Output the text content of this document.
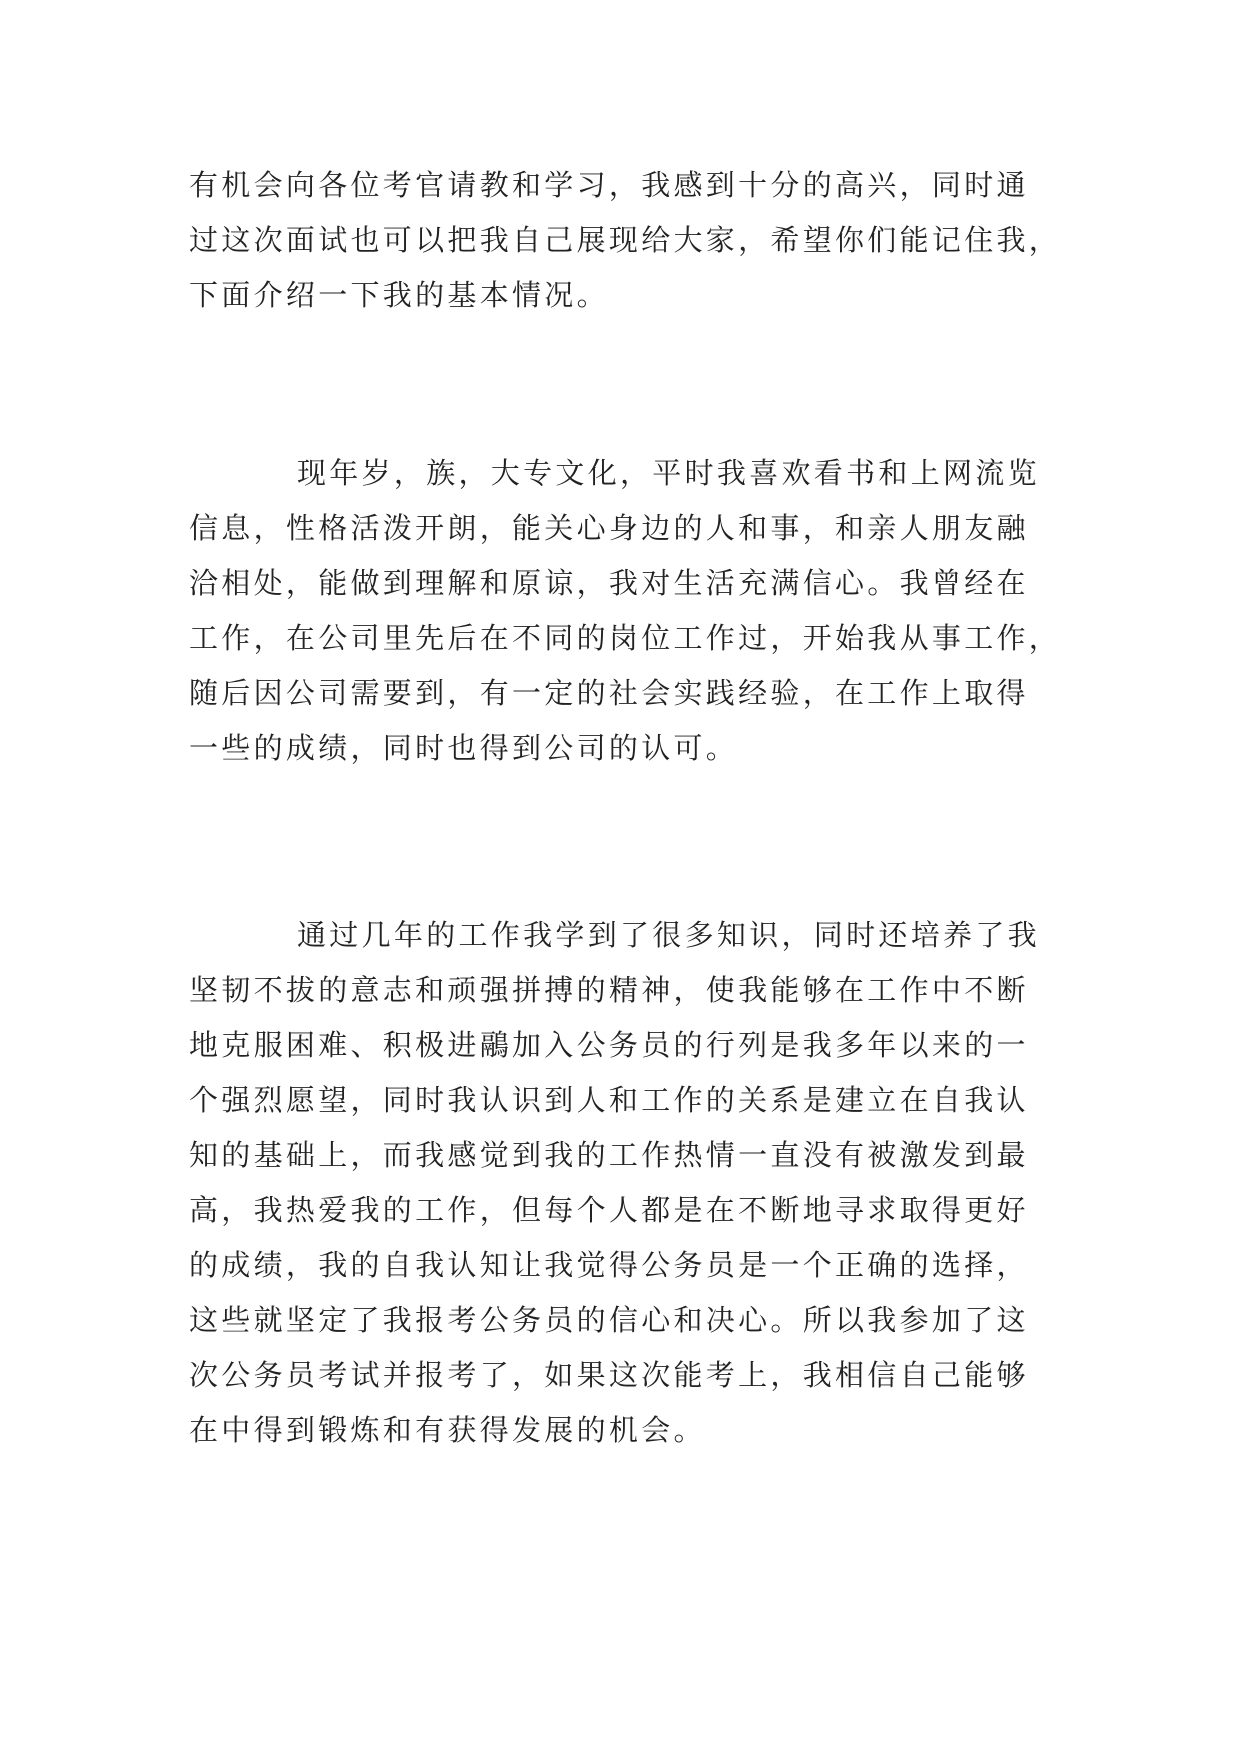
有机会向各位考官请教和学习，我感到十分的高兴，同时通
过这次面试也可以把我自己展现给大家，希望你们能记住我，
下面介绍一下我的基本情况。

现年岁，族，大专文化，平时我喜欢看书和上网流览
信息，性格活泼开朗，能关心身边的人和事，和亲人朋友融
洽相处，能做到理解和原谅，我对生活充满信心。我曾经在
工作，在公司里先后在不同的岗位工作过，开始我从事工作，
随后因公司需要到，有一定的社会实践经验，在工作上取得
一些的成绩，同时也得到公司的认可。

通过几年的工作我学到了很多知识，同时还培养了我
坚韧不拔的意志和顽强拼搏的精神，使我能够在工作中不断
地克服困难、积极进鷊加入公务员的行列是我多年以来的一
个强烈愿望，同时我认识到人和工作的关系是建立在自我认
知的基础上，而我感觉到我的工作热情一直没有被激发到最
高，我热爱我的工作，但每个人都是在不断地寻求取得更好
的成绩，我的自我认知让我觉得公务员是一个正确的选择，
这些就坚定了我报考公务员的信心和决心。所以我参加了这
次公务员考试并报考了，如果这次能考上，我相信自己能够
在中得到锻炼和有获得发展的机会。
